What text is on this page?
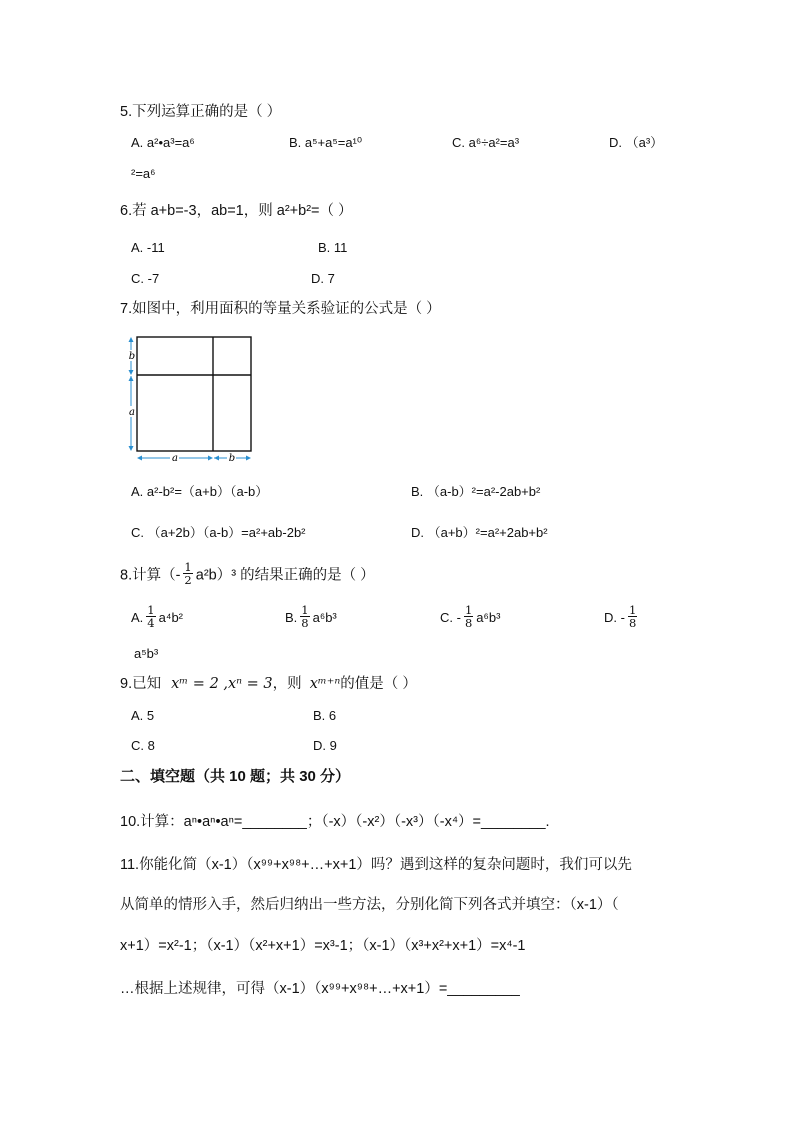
5.下列运算正确的是（ ）
A. a²•a³=a⁶	B. a⁵+a⁵=a¹⁰	C. a⁶÷a²=a³	D. （a³）
²=a⁶
6.若 a+b=-3，ab=1，则 a²+b²=（ ）
A. -11	B. 11
C. -7	D. 7
7.如图中，利用面积的等量关系验证的公式是（ ）
b
a
a	b
A. a²-b²=（a+b）（a-b）	B. （a-b）²=a²-2ab+b²
C. （a+2b）（a-b）=a²+ab-2b²	D. （a+b）²=a²+2ab+b²
8.计算（- $\frac{1}{2} a^2b)^3$ 的结果正确的是（ ）
A. $\frac{1}{4} a^4b^2$	B. $\frac{1}{8} a^6b^3$	C. - $\frac{1}{8} a^6b^3$	D. - $\frac{1}{8}$
a⁵b³
9.已知 xᵐ = 2 ,xⁿ = 3，则 xᵐ⁺ⁿ的值是（ ）
A. 5	B. 6
C. 8	D. 9
二、填空题（共 10 题；共 30 分）
10.计算：aⁿ•aⁿ•aⁿ=________；（-x）（-x²）（-x³）（-x⁴）=________.
11.你能化简（x-1）（x⁹⁹+x⁹⁸+…+x+1）吗？遇到这样的复杂问题时，我们可以先
从简单的情形入手，然后归纳出一些方法，分别化简下列各式并填空：（x-1）（
x+1）=x²-1；（x-1）（x²+x+1）=x³-1；（x-1）（x³+x²+x+1）=x⁴-1
…根据上述规律，可得（x-1）（x⁹⁹+x⁹⁸+…+x+1）=_________
